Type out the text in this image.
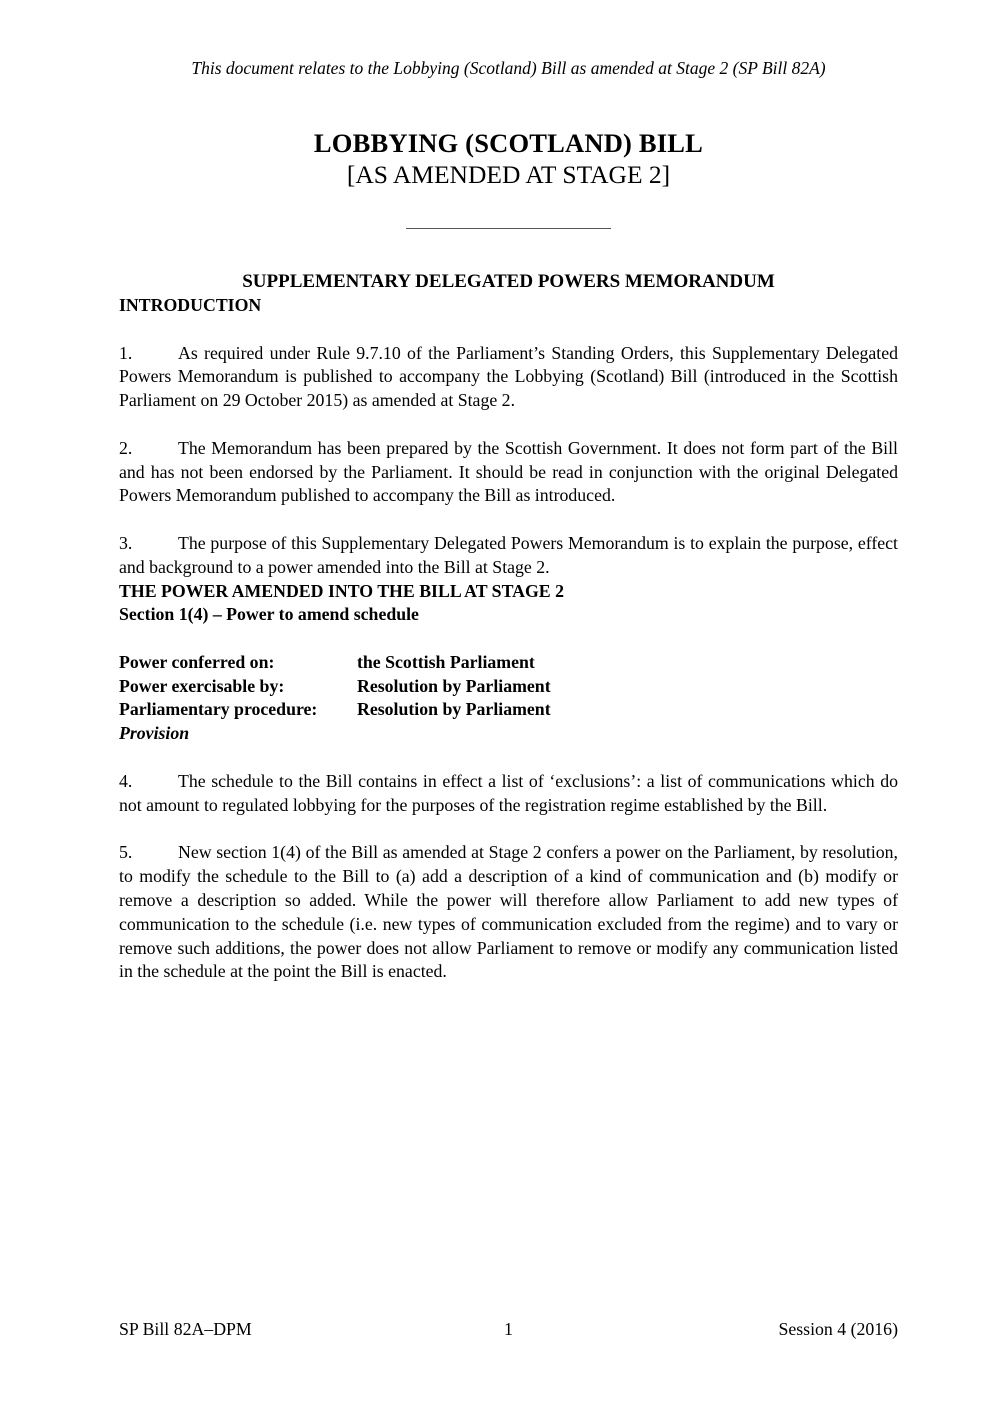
This document relates to the Lobbying (Scotland) Bill as amended at Stage 2 (SP Bill 82A)
LOBBYING (SCOTLAND) BILL
[AS AMENDED AT STAGE 2]
SUPPLEMENTARY DELEGATED POWERS MEMORANDUM
INTRODUCTION

1.	As required under Rule 9.7.10 of the Parliament’s Standing Orders, this Supplementary Delegated Powers Memorandum is published to accompany the Lobbying (Scotland) Bill (introduced in the Scottish Parliament on 29 October 2015) as amended at Stage 2.

2.	The Memorandum has been prepared by the Scottish Government. It does not form part of the Bill and has not been endorsed by the Parliament. It should be read in conjunction with the original Delegated Powers Memorandum published to accompany the Bill as introduced.

3.	The purpose of this Supplementary Delegated Powers Memorandum is to explain the purpose, effect and background to a power amended into the Bill at Stage 2.

THE POWER AMENDED INTO THE BILL AT STAGE 2
Section 1(4) – Power to amend schedule
Power conferred on:	the Scottish Parliament
Power exercisable by:	Resolution by Parliament
Parliamentary procedure:	Resolution by Parliament
Provision

4.	The schedule to the Bill contains in effect a list of ‘exclusions’: a list of communications which do not amount to regulated lobbying for the purposes of the registration regime established by the Bill.

5.	New section 1(4) of the Bill as amended at Stage 2 confers a power on the Parliament, by resolution, to modify the schedule to the Bill to (a) add a description of a kind of communication and (b) modify or remove a description so added. While the power will therefore allow Parliament to add new types of communication to the schedule (i.e. new types of communication excluded from the regime) and to vary or remove such additions, the power does not allow Parliament to remove or modify any communication listed in the schedule at the point the Bill is enacted.

SP Bill 82A–DPM	1	Session 4 (2016)
